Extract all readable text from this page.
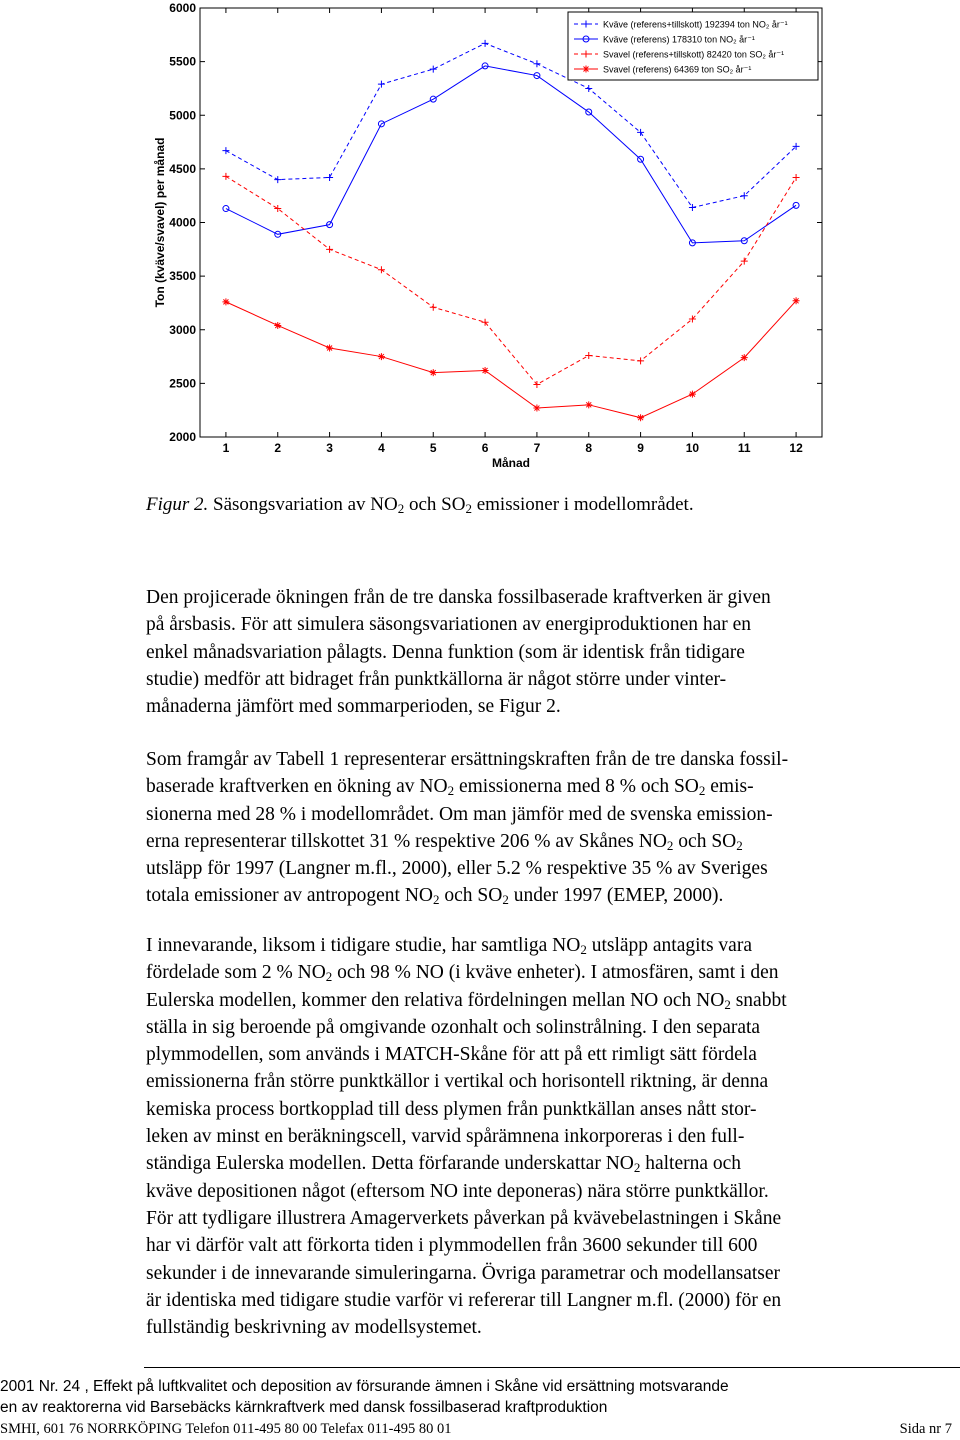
2000
2500
3000
3500
4000
4500
5000
5500
6000
1	2	3	4	5	6	7	8	9	10	11	12
Månad
Ton (kväve/svavel) per månad
Kväve (referens+tillskott) 192394 ton NO₂ år⁻¹
Kväve (referens) 178310 ton NO₂ år⁻¹
Svavel (referens+tillskott) 82420 ton SO₂ år⁻¹
Svavel (referens) 64369 ton SO₂ år⁻¹
Figur 2. Säsongsvariation av $NO_2$ och $SO_2$ emissioner i modellområdet.
Den projicerade ökningen från de tre danska fossilbaserade kraftverken är given
på årsbasis. För att simulera säsongsvariationen av energiproduktionen har en
enkel månadsvariation pålagts. Denna funktion (som är identisk från tidigare
studie) medför att bidraget från punktkällorna är något större under vinter-
månaderna jämfört med sommarperioden, se Figur 2.
Som framgår av Tabell 1 representerar ersättningskraften från de tre danska fossil-
baserade kraftverken en ökning av $NO_2$ emissionerna med 8 % och $SO_2$ emis-
sionerna med 28 % i modellområdet. Om man jämför med de svenska emission-
erna representerar tillskottet 31 % respektive 206 % av Skånes $NO_2$ och $SO_2$
utsläpp för 1997 (Langner m.fl., 2000), eller 5.2 % respektive 35 % av Sveriges
totala emissioner av antropogent $NO_2$ och $SO_2$ under 1997 (EMEP, 2000).
I innevarande, liksom i tidigare studie, har samtliga $NO_2$ utsläpp antagits vara
fördelade som 2 % $NO_2$ och 98 % NO (i kväve enheter). I atmosfären, samt i den
Eulerska modellen, kommer den relativa fördelningen mellan NO och $NO_2$ snabbt
ställa in sig beroende på omgivande ozonhalt och solinstrålning. I den separata
plymmodellen, som används i MATCH-Skåne för att på ett rimligt sätt fördela
emissionerna från större punktkällor i vertikal och horisontell riktning, är denna
kemiska process bortkopplad till dess plymen från punktkällan anses nått stor-
leken av minst en beräkningscell, varvid spårämnena inkorporeras i den full-
ständiga Eulerska modellen. Detta förfarande underskattar $NO_2$ halterna och
kväve depositionen något (eftersom NO inte deponeras) nära större punktkällor.
För att tydligare illustrera Amagerverkets påverkan på kvävebelastningen i Skåne
har vi därför valt att förkorta tiden i plymmodellen från 3600 sekunder till 600
sekunder i de innevarande simuleringarna. Övriga parametrar och modellansatser
är identiska med tidigare studie varför vi refererar till Langner m.fl. (2000) för en
fullständig beskrivning av modellsystemet.
2001 Nr. 24 , Effekt på luftkvalitet och deposition av försurande ämnen i Skåne vid ersättning motsvarande
en av reaktorerna vid Barsebäcks kärnkraftverk med dansk fossilbaserad kraftproduktion
SMHI, 601 76 NORRKÖPING Telefon 011-495 80 00 Telefax 011-495 80 01	Sida nr 7
